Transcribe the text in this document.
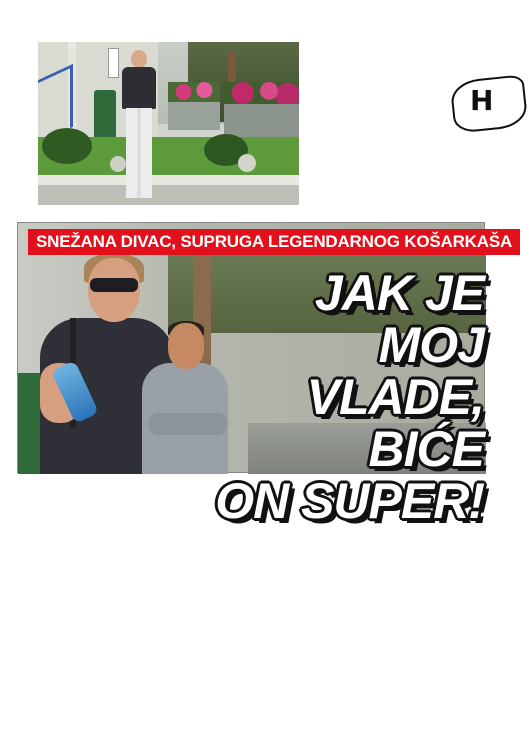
H
SNEŽANA DIVAC, SUPRUGA LEGENDARNOG KOŠARKAŠA
JAK JE MOJ
VLADE, BIĆE
ON SUPER!
